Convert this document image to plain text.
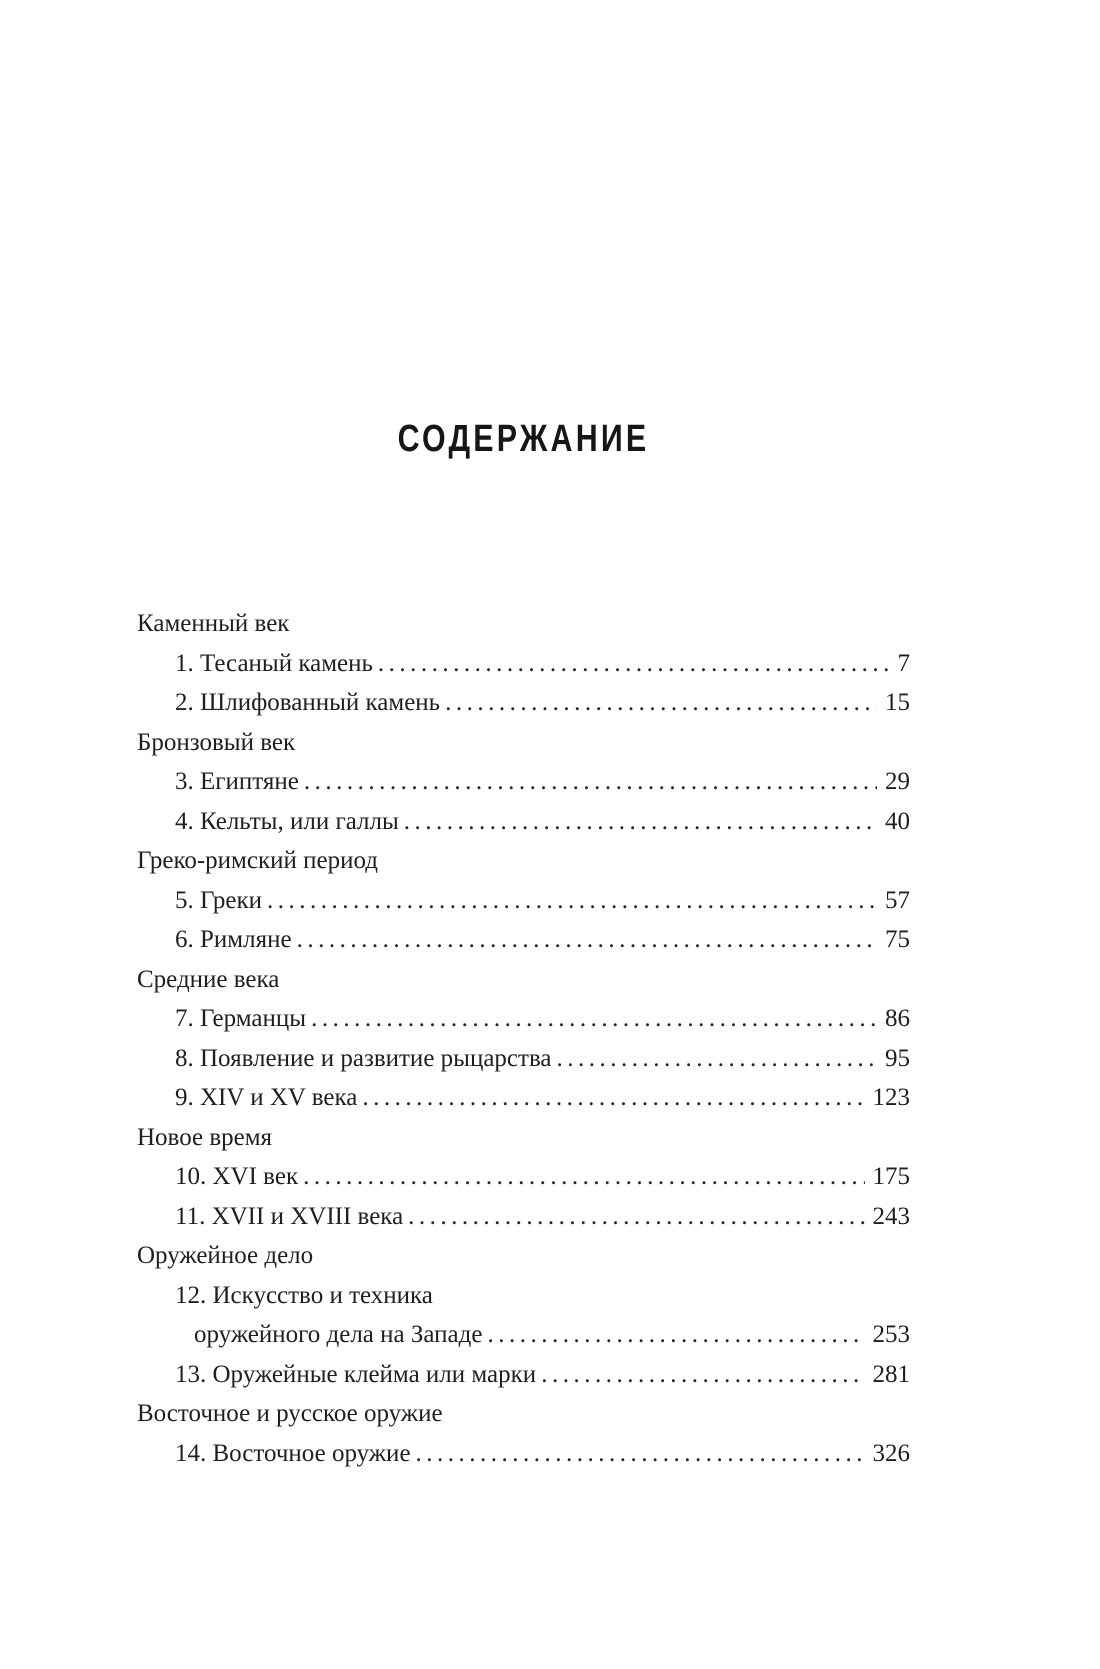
СОДЕРЖАНИЕ
Каменный век
1. Тесаный камень .....	7
2. Шлифованный камень .....	15
Бронзовый век
3. Египтяне .....	29
4. Кельты, или галлы .....	40
Греко-римский период
5. Греки .....	57
6. Римляне .....	75
Средние века
7. Германцы .....	86
8. Появление и развитие рыцарства .....	95
9. XIV и XV века .....	123
Новое время
10. XVI век .....	175
11. XVII и XVIII века .....	243
Оружейное дело
12. Искусство и техника
оружейного дела на Западе .....	253
13. Оружейные клейма или марки .....	281
Восточное и русское оружие
14. Восточное оружие .....	326
